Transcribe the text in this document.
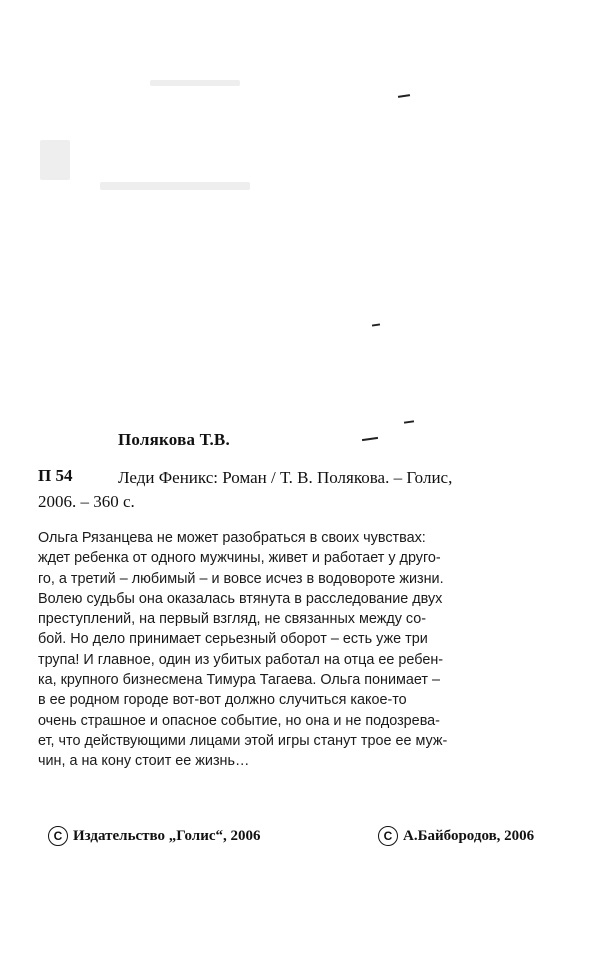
Полякова Т.В.
П 54	Леди Феникс: Роман / Т. В. Полякова. – Голис,
2006. – 360 с.
Ольга Рязанцева не может разобраться в своих чувствах:
ждет ребенка от одного мужчины, живет и работает у друго-
го, а третий – любимый – и вовсе исчез в водовороте жизни.
Волею судьбы она оказалась втянута в расследование двух
преступлений, на первый взгляд, не связанных между со-
бой. Но дело принимает серьезный оборот – есть уже три
трупа! И главное, один из убитых работал на отца ее ребен-
ка, крупного бизнесмена Тимура Тагаева. Ольга понимает –
в ее родном городе вот-вот должно случиться какое-то
очень страшное и опасное событие, но она и не подозрева-
ет, что действующими лицами этой игры станут трое ее муж-
чин, а на кону стоит ее жизнь…
C Издательство „Голис“, 2006	C А.Байбородов, 2006
